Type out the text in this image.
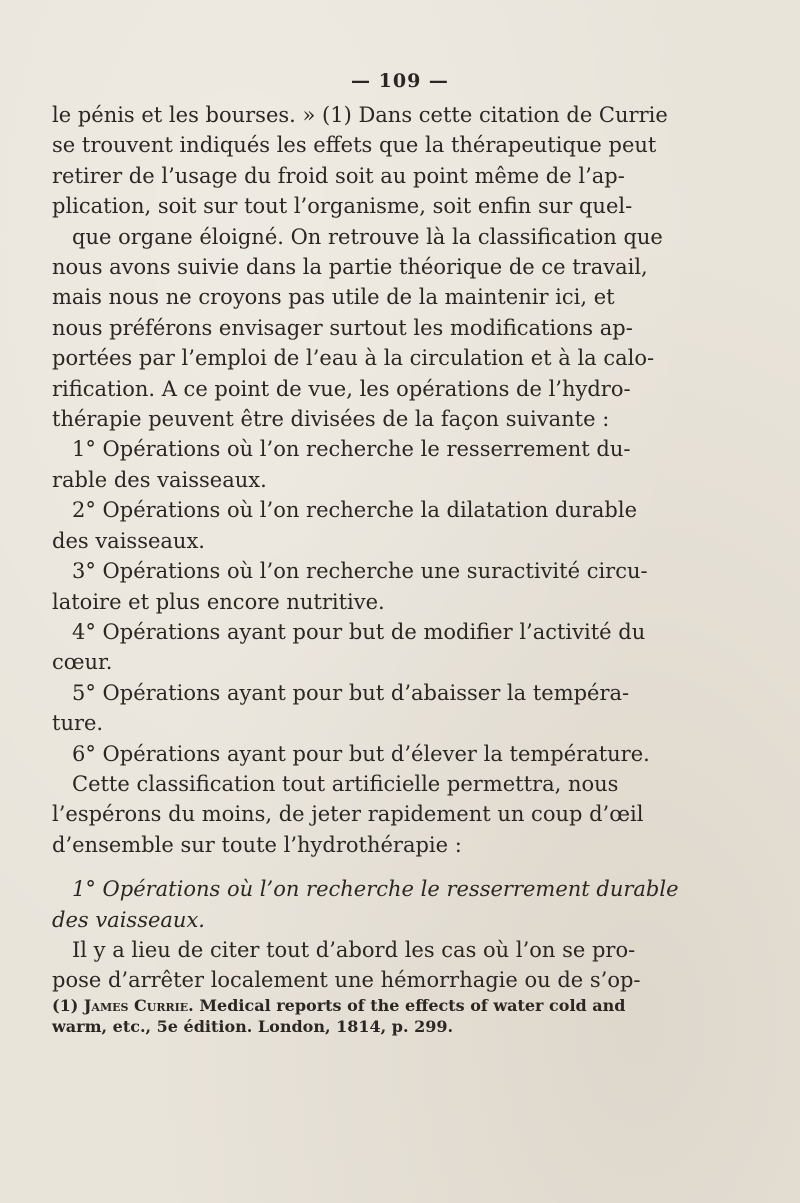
— 109 —
le pénis et les bourses. » (1) Dans cette citation de Currie
se trouvent indiqués les effets que la thérapeutique peut
retirer de l’usage du froid soit au point même de l’ap-
plication, soit sur tout l’organisme, soit enfin sur quel-
que organe éloigné. On retrouve là la classification que
nous avons suivie dans la partie théorique de ce travail,
mais nous ne croyons pas utile de la maintenir ici, et
nous préférons envisager surtout les modifications ap-
portées par l’emploi de l’eau à la circulation et à la calo-
rification. A ce point de vue, les opérations de l’hydro-
thérapie peuvent être divisées de la façon suivante :
1° Opérations où l’on recherche le resserrement du-
rable des vaisseaux.
2° Opérations où l’on recherche la dilatation durable
des vaisseaux.
3° Opérations où l’on recherche une suractivité circu-
latoire et plus encore nutritive.
4° Opérations ayant pour but de modifier l’activité du
cœur.
5° Opérations ayant pour but d’abaisser la tempéra-
ture.
6° Opérations ayant pour but d’élever la température.
Cette classification tout artificielle permettra, nous
l’espérons du moins, de jeter rapidement un coup d’œil
d’ensemble sur toute l’hydrothérapie :
1° Opérations où l’on recherche le resserrement durable
des vaisseaux.
Il y a lieu de citer tout d’abord les cas où l’on se pro-
pose d’arrêter localement une hémorrhagie ou de s’op-
(1) James Currie. Medical reports of the effects of water cold and
warm, etc., 5e édition. London, 1814, p. 299.
